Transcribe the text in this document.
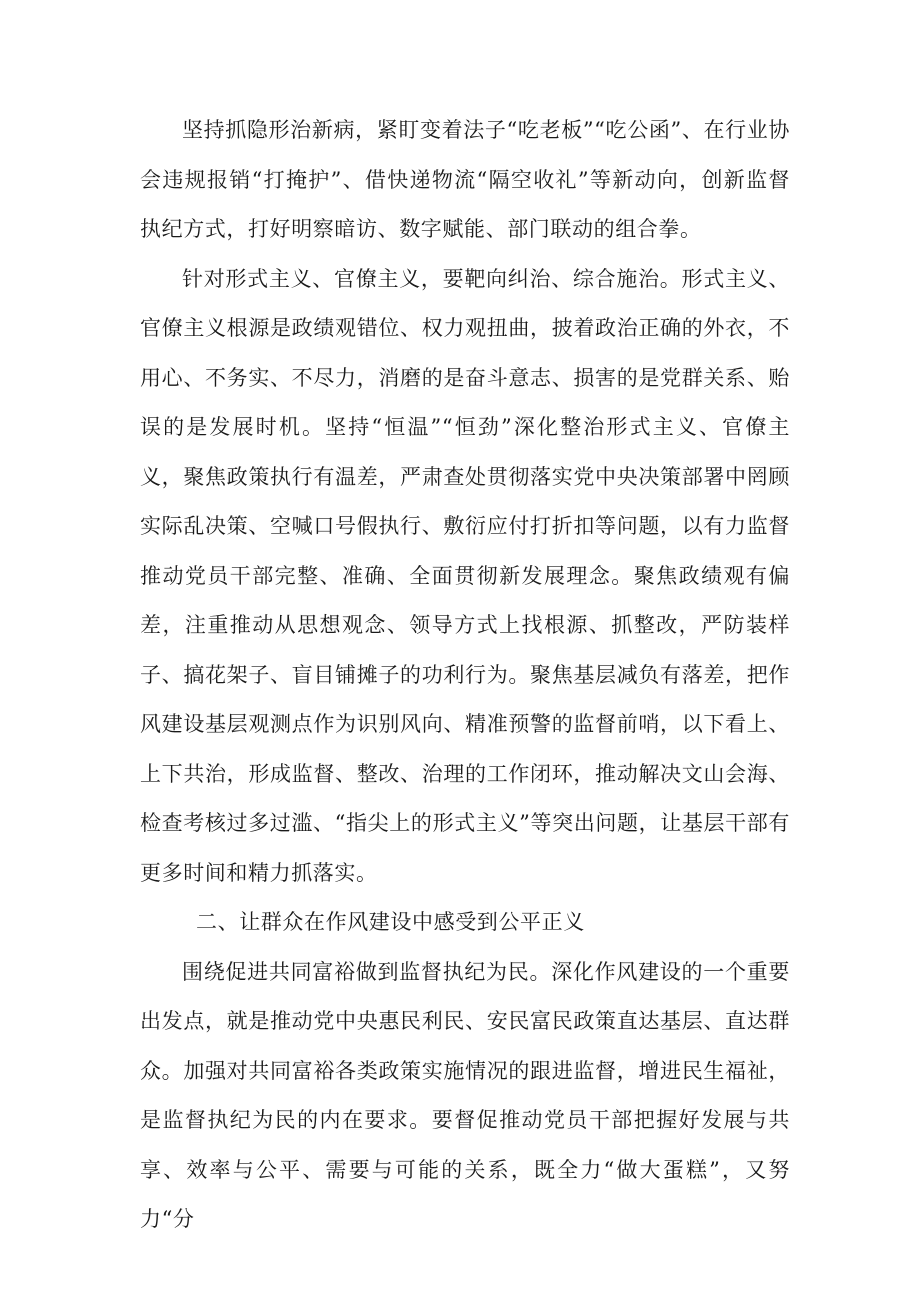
坚持抓隐形治新病，紧盯变着法子“吃老板”“吃公函”、在行业协会违规报销“打掩护”、借快递物流“隔空收礼”等新动向，创新监督执纪方式，打好明察暗访、数字赋能、部门联动的组合拳。

针对形式主义、官僚主义，要靶向纠治、综合施治。形式主义、官僚主义根源是政绩观错位、权力观扭曲，披着政治正确的外衣，不用心、不务实、不尽力，消磨的是奋斗意志、损害的是党群关系、贻误的是发展时机。坚持“恒温”“恒劲”深化整治形式主义、官僚主义，聚焦政策执行有温差，严肃查处贯彻落实党中央决策部署中罔顾实际乱决策、空喊口号假执行、敷衍应付打折扣等问题，以有力监督推动党员干部完整、准确、全面贯彻新发展理念。聚焦政绩观有偏差，注重推动从思想观念、领导方式上找根源、抓整改，严防装样子、搞花架子、盲目铺摊子的功利行为。聚焦基层减负有落差，把作风建设基层观测点作为识别风向、精准预警的监督前哨，以下看上、上下共治，形成监督、整改、治理的工作闭环，推动解决文山会海、检查考核过多过滥、“指尖上的形式主义”等突出问题，让基层干部有更多时间和精力抓落实。

二、让群众在作风建设中感受到公平正义

围绕促进共同富裕做到监督执纪为民。深化作风建设的一个重要出发点，就是推动党中央惠民利民、安民富民政策直达基层、直达群众。加强对共同富裕各类政策实施情况的跟进监督，增进民生福祉，是监督执纪为民的内在要求。要督促推动党员干部把握好发展与共享、效率与公平、需要与可能的关系，既全力“做大蛋糕”，又努力“分
